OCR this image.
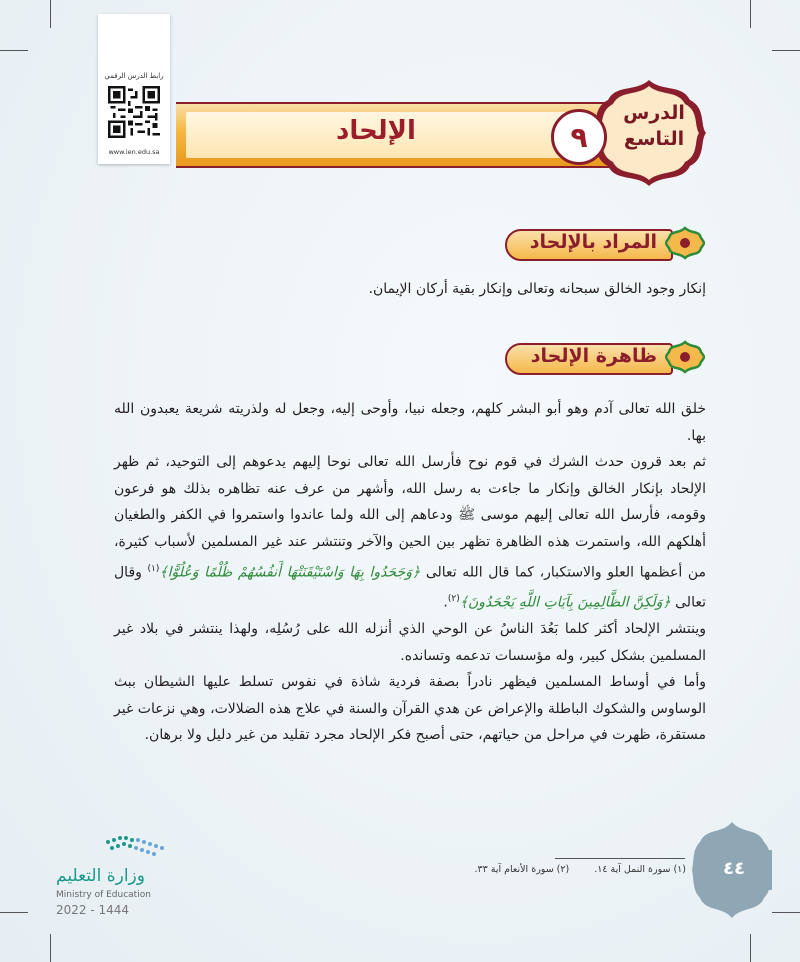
رابط الدرس الرقمي
www.ien.edu.sa
الإلحاد
الدرس
التاسع
٩
المراد بالإلحاد

إنكار وجود الخالق سبحانه وتعالى وإنكار بقية أركان الإيمان.

ظاهرة الإلحاد

خلق الله تعالى آدم وهو أبو البشر كلهم، وجعله نبيا، وأوحى إليه، وجعل له ولذريته شريعة يعبدون الله بها.

ثم بعد قرون حدث الشرك في قوم نوح فأرسل الله تعالى نوحا إليهم يدعوهم إلى التوحيد، ثم ظهر الإلحاد بإنكار الخالق وإنكار ما جاءت به رسل الله، وأشهر من عرف عنه تظاهره بذلك هو فرعون وقومه، فأرسل الله تعالى إليهم موسى ﷺ ودعاهم إلى الله ولما عاندوا واستمروا في الكفر والطغيان أهلكهم الله، واستمرت هذه الظاهرة تظهر بين الحين والآخر وتنتشر عند غير المسلمين لأسباب كثيرة، من أعظمها العلو والاستكبار، كما قال الله تعالى ﴿وَجَحَدُوا بِهَا وَاسْتَيْقَنَتْهَا أَنفُسُهُمْ ظُلْمًا وَعُلُوًّا﴾$^{(١)}$ وقال تعالى ﴿وَلَكِنَّ الظَّالِمِينَ بِآيَاتِ اللَّهِ يَجْحَدُونَ﴾$^{(٢)}$.

وينتشر الإلحاد أكثر كلما بَعُدَ الناسُ عن الوحي الذي أنزله الله على رُسُلِه، ولهذا ينتشر في بلاد غير المسلمين بشكل كبير، وله مؤسسات تدعمه وتسانده.

وأما في أوساط المسلمين فيظهر نادراً بصفة فردية شاذة في نفوس تسلط عليها الشيطان ببث الوساوس والشكوك الباطلة والإعراض عن هدي القرآن والسنة في علاج هذه الضلالات، وهي نزعات غير مستقرة، ظهرت في مراحل من حياتهم، حتى أصبح فكر الإلحاد مجرد تقليد من غير دليل ولا برهان.

(١) سورة النمل آية ١٤. (٢) سورة الأنعام آية ٣٣.	٤٤
وزارة التعليم
Ministry of Education
2022 - 1444
